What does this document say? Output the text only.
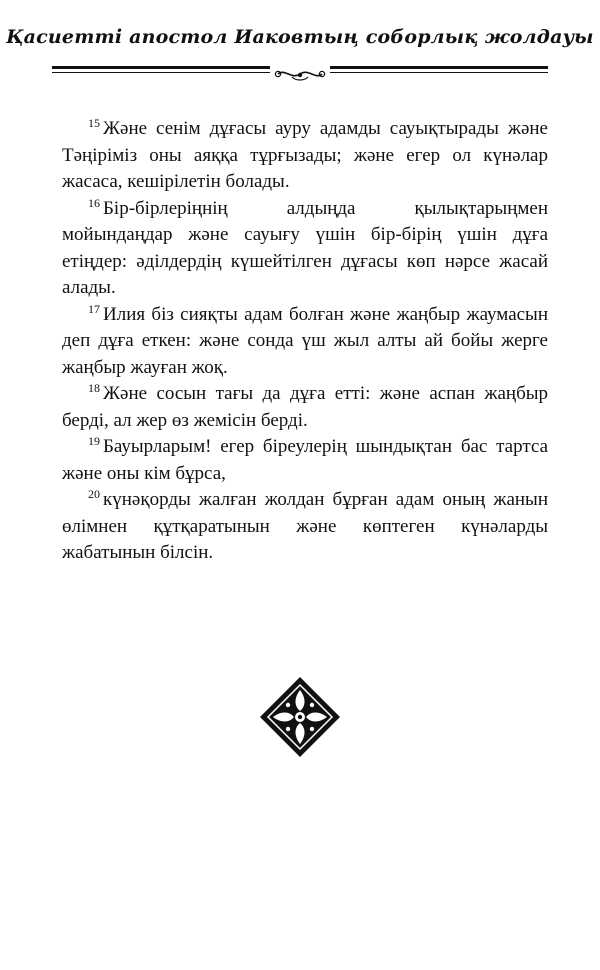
Қасиетті апостол Иаковтың соборлық жолдауы

$^{15}$ Және сенім дұғасы ауру адамды сауықтырады және Тәңіріміз оны аяққа тұрғызады; және егер ол күнәлар жасаса, кешірілетін болады.

$^{16}$ Бір-бірлеріңнің алдыңда қылықтарыңмен мойындаңдар және сауығу үшін бір-бірің үшін дұға етіңдер: әділдердің күшейтілген дұғасы көп нәрсе жасай алады.

$^{17}$ Илия біз сияқты адам болған және жаңбыр жаумасын деп дұға еткен: және сонда үш жыл алты ай бойы жерге жаңбыр жауған жоқ.

$^{18}$ Және сосын тағы да дұға етті: және аспан жаңбыр берді, ал жер өз жемісін берді.

$^{19}$ Бауырларым! егер біреулерің шындықтан бас тартса және оны кім бұрса,

$^{20}$ күнәқорды жалған жолдан бұрған адам оның жанын өлімнен құтқаратынын және көптеген күнәларды жабатынын білсін.
